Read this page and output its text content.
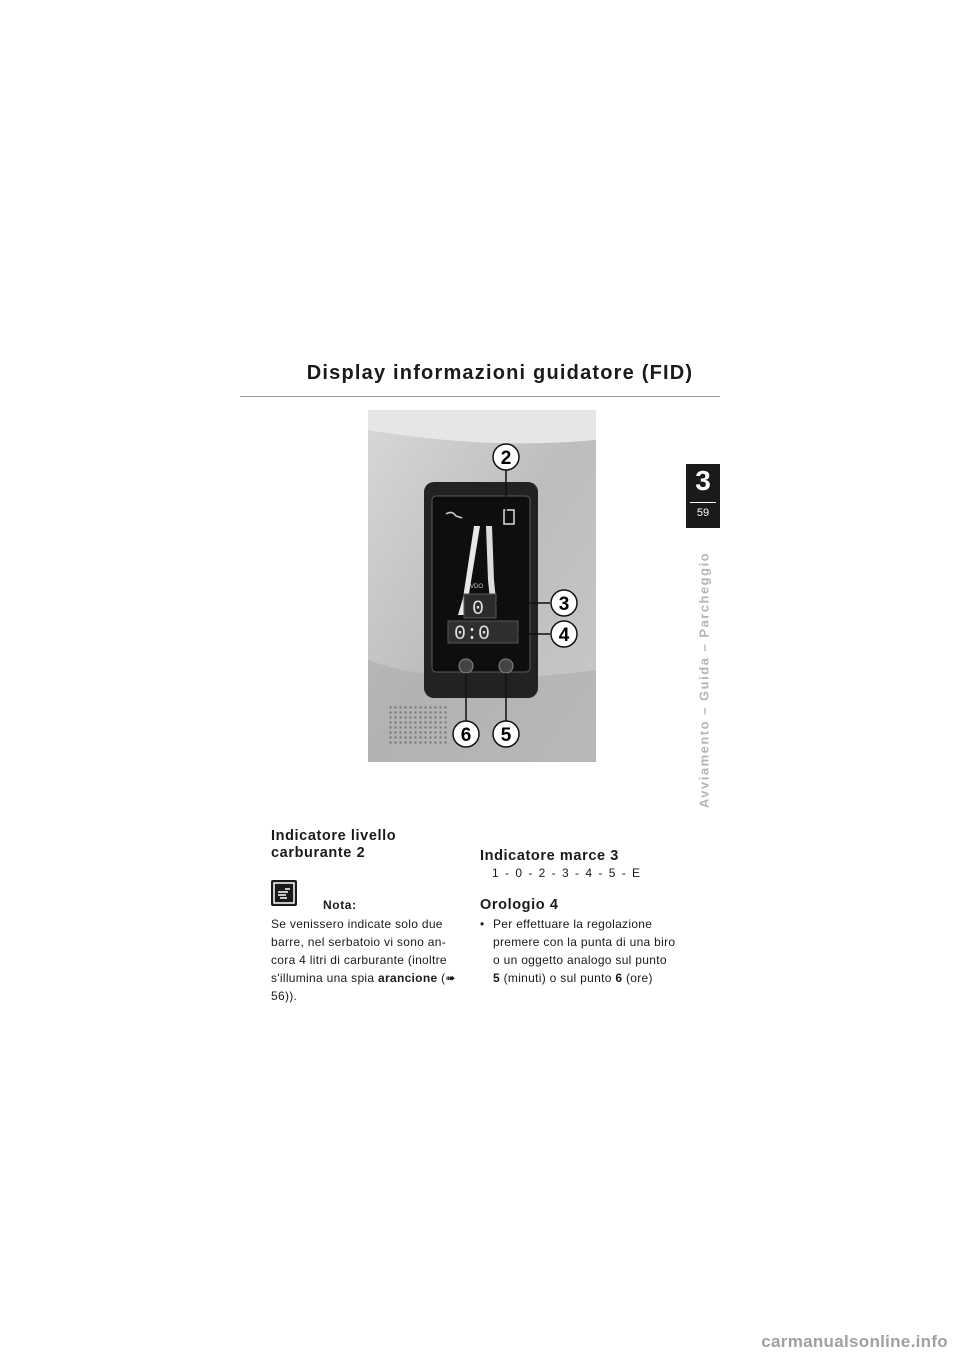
Display informazioni guidatore (FID)
3
59
Avviamento – Guida – Parcheggio
VDO
0
0:0
2
3
4
5
6
Indicatore livello carburante 2
Nota:
Se venissero indicate solo due barre, nel serbatoio vi sono an-cora 4 litri di carburante (inoltre s'illumina una spia arancione (➠ 56)).
Indicatore marce 3
1 - 0 - 2 - 3 - 4 - 5 - E
Orologio 4
• Per effettuare la regolazione premere con la punta di una biro o un oggetto analogo sul punto 5 (minuti) o sul punto 6 (ore)
carmanualsonline.info
